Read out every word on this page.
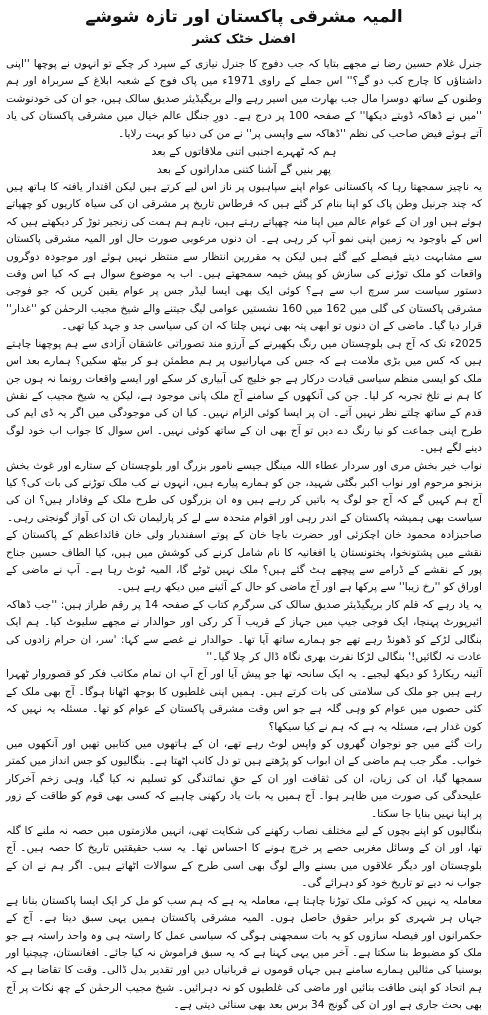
المیہ مشرقی پاکستان اور تازہ شوشے
افضل خٹک کشر

جنرل غلام حسین رضا نے مجھے بتایا کہ جب دفوج کا جنرل نیازی کے سپرد کر چکے تو انہوں نے پوچھا ''اپنی داشتاؤں کا چارج کب دو گے؟'' اس جملے کے راوی 1971ء میں پاک فوج کے شعبہ ابلاغ کے سربراہ اور ہم وطنوں کے ساتھ دوسرا مال جب بھارت میں اسیر رہے والے بریگیڈیئر صدیق سالک ہیں، جو ان کی خودنوشت ''میں نے ڈھاکہ ڈوبتے دیکھا'' کے صفحہ 100 پر درج ہے۔ دورِ جنگل عالم خیال میں مشرقی پاکستان کی یاد آتے ہوئے فیض صاحب کی نظم ''ڈھاکہ سے واپسی پر'' نے من کی دنیا کو بہت رلایا۔

ہم کہ ٹھہرے اجنبی اتنی ملاقاتوں کے بعد
پھر بنیں گے آشنا کتنی مداراتوں کے بعد

یہ ناچیز سمجھتا رہا کہ پاکستانی عوام اپنے سپاہیوں پر ناز اس لیے کرتے ہیں لیکن اقتدار یافتہ کا ہاتھ ہیں کہ چند جرنیل وطن پاک کو اپنا بنام کر گئے ہیں کہ قرطاس تاریخ پر مشرقی ان کی سیاہ کاریوں کو چھپاتے ہوئے ہیں اور ان کے عوام عالم میں اپنا منہ چھپاتے رہتے ہیں، تاہم ہم ہمت کی زنجیر توڑ کر دیکھتے ہیں کہ اس کے باوجود یہ زمین اپنی نمو آپ کر رہی ہے۔ ان دنوں مرعوبی صورت حال اور المیہ مشرقی پاکستان سے مشابہت دیتے فیصلے کیے گئے ہیں لیکن یہ مقررین انتظار سے منتظر نہیں ہوئے اور موجودہ دوگروں واقعات کو ملک توڑنے کی سازش کو پیش خیمہ سمجھتے ہیں۔ اب یہ موضوع سوال ہے کہ کیا اس وقت دستور سیاست سر سرچ اب سے ہے؟ کوئی ایک بھی ایسا لیڈر جس پر عوام یقین کریں کہ جو فوجی مشرقی پاکستان کی گلی میں 162 میں 160 نشستیں عوامی لیگ جیتنے والے شیخ مجیب الرحمٰن کو ''غدار'' قرار دیا گیا۔ ماضی کے ان دنوں تو ابھی پتہ بھی نہیں چلتا کہ ان کی سیاسی جد و جہد کیا تھی۔

2025ء تک کہ آج ہی بلوچستان میں رنگ بکھیرنے کے آرزو مند تصوراتی عاشقان آزادی سے ہم پوچھنا چاہتے ہیں کہ کس میں بڑی ملامت ہے کہ جس کی مہارانیوں پر ہم مطمئن ہو کر بیٹھ سکیں؟ ہمارے بعد اس ملک کو ایسی منظم سیاسی قیادت درکار ہے جو خلیج کی آبیاری کر سکے اور ایسے واقعات رونما نہ ہوں جن کا ہم نے تلخ تجربہ کر لیا۔ جن کی آنکھوں کے سامنے آج ملک پانی موجود ہے، لیکن یہ شیخ مجیب کے نقش قدم کے ساتھ چلتے نظر نہیں آتے۔ ان پر ایسا کوئی الزام نہیں۔ کیا ان کی موجودگی میں اگر یہ ڈی ایم کی طرح اپنی جماعت کو نیا رنگ دے دیں تو آج بھی ان کے ساتھ کوئی نہیں۔ اس سوال کا جواب اب خود لوگ دینے لگے ہیں۔

نواب خیر بخش مری اور سردار عطاء اللہ مینگل جیسے نامور بزرگ اور بلوچستان کے ستارے اور غوث بخش بزنجو مرحوم اور نواب اکبر بگٹی شہید، جن کو ہمارے پیارے ہیں، انہوں نے کب ملک توڑنے کی بات کی؟ کیا آج ہم کہیں گے کہ آج جو لوگ یہ باتیں کر رہے ہیں وہ ان بزرگوں کی طرح ملک کے وفادار ہیں؟ ان کی سیاست بھی ہمیشہ پاکستان کے اندر رہی اور اقوام متحدہ سے لے کر پارلیمان تک ان کی آواز گونجتی رہی۔

صاحبزادہ محمود خان اچکزئی اور حضرت باچا خان کے پوتے اسفندیار ولی خان قائداعظم کے پاکستان کے نقشے میں پشتونخوا، پختونستان یا افغانیہ کا نام شامل کرنے کی کوشش میں ہیں، کیا الطاف حسین جناح پور کے نقشے کے ڈرامے سے پیچھے ہٹ گئے ہیں؟ ملک نہیں ٹوٹے گا، المیہ ٹوٹ رہا ہے۔ آپ نے ماضی کے اوراق کو ''رخ زیبا'' سے پرکھا ہے اور آج ماضی کو حال کے آئینے میں دیکھ رہے ہیں۔

یہ یاد رہے کہ قلم کار بریگیڈیئر صدیق سالک کی سرگرم کتاب کے صفحہ 14 پر رقم طراز ہیں: ''جب ڈھاکہ ائیرپورٹ پہنچا، ایک فوجی جیپ میں جہاز کے قریب آ کر رکی اور حوالدار نے مجھے سلیوٹ کیا۔ ہم ایک بنگالی لڑکے کو ڈھونڈ رہے تھے جو ہمارے ساتھ آیا تھا۔ حوالدار نے غصے سے کہا: 'سر، ان حرام زادوں کی عادت نہ لگائیں!' بنگالی لڑکا نفرت بھری نگاہ ڈال کر چلا گیا۔''

آئینہ ریکارڈ کو دیکھ لیجیے۔ یہ ایک سانحہ تھا جو پیش آیا اور آج آپ ان تمام مکاتب فکر کو قصوروار ٹھہرا رہے ہیں جو ملک کی سلامتی کی بات کرتے ہیں۔ ہمیں اپنی غلطیوں کا بوجھ اٹھانا ہوگا۔ آج بھی ملک کے کئی حصوں میں عوام کو وہی گلہ ہے جو اس وقت مشرقی پاکستان کے عوام کو تھا۔ مسئلہ یہ نہیں کہ کون غدار ہے، مسئلہ یہ ہے کہ ہم نے کیا سیکھا؟

رات گئے میں جو نوجوان گھروں کو واپس لوٹ رہے تھے، ان کے ہاتھوں میں کتابیں تھیں اور آنکھوں میں خواب۔ مگر جب ہم ماضی کے ان ابواب کو پڑھتے ہیں تو دل کانپ اٹھتا ہے۔ بنگالیوں کو جس انداز میں کمتر سمجھا گیا، ان کی زبان، ان کی ثقافت اور ان کے حقِ نمائندگی کو تسلیم نہ کیا گیا، وہی زخم آخرکار علیحدگی کی صورت میں ظاہر ہوا۔ آج ہمیں یہ بات یاد رکھنی چاہیے کہ کسی بھی قوم کو طاقت کے زور پر اپنا نہیں بنایا جا سکتا۔

بنگالیوں کو اپنے بچوں کے لیے مختلف نصاب رکھنے کی شکایت تھی، انہیں ملازمتوں میں حصہ نہ ملنے کا گلہ تھا، اور ان کے وسائل مغربی حصے پر خرچ ہونے کا احساس تھا۔ یہ سب حقیقتیں تاریخ کا حصہ ہیں۔ آج بلوچستان اور دیگر علاقوں میں بسنے والے لوگ بھی اسی طرح کے سوالات اٹھاتے ہیں۔ اگر ہم نے ان کے جواب نہ دیے تو تاریخ خود کو دہرائے گی۔

معاملہ یہ نہیں کہ کوئی ملک توڑنا چاہتا ہے، معاملہ یہ ہے کہ ہم سب کو مل کر ایک ایسا پاکستان بنانا ہے جہاں ہر شہری کو برابر حقوق حاصل ہوں۔ المیہ مشرقی پاکستان ہمیں یہی سبق دیتا ہے۔ آج کے حکمرانوں اور فیصلہ سازوں کو یہ بات سمجھنی ہوگی کہ سیاسی عمل کا راستہ ہی وہ واحد راستہ ہے جو ملک کو مضبوط بنا سکتا ہے۔ آخر میں یہی کہنا ہے کہ یہ سبق فراموش نہ کیا جائے۔ افغانستان، چیچنیا اور بوسنیا کی مثالیں ہمارے سامنے ہیں جہاں قوموں نے قربانیاں دیں اور تقدیر بدل ڈالی۔ وقت کا تقاضا ہے کہ ہم اتحاد کو اپنی طاقت بنائیں اور ماضی کی غلطیوں کو نہ دہرائیں۔ شیخ مجیب الرحمٰن کے چھ نکات پر آج بھی بحث جاری ہے اور ان کی گونج 34 برس بعد بھی سنائی دیتی ہے۔
